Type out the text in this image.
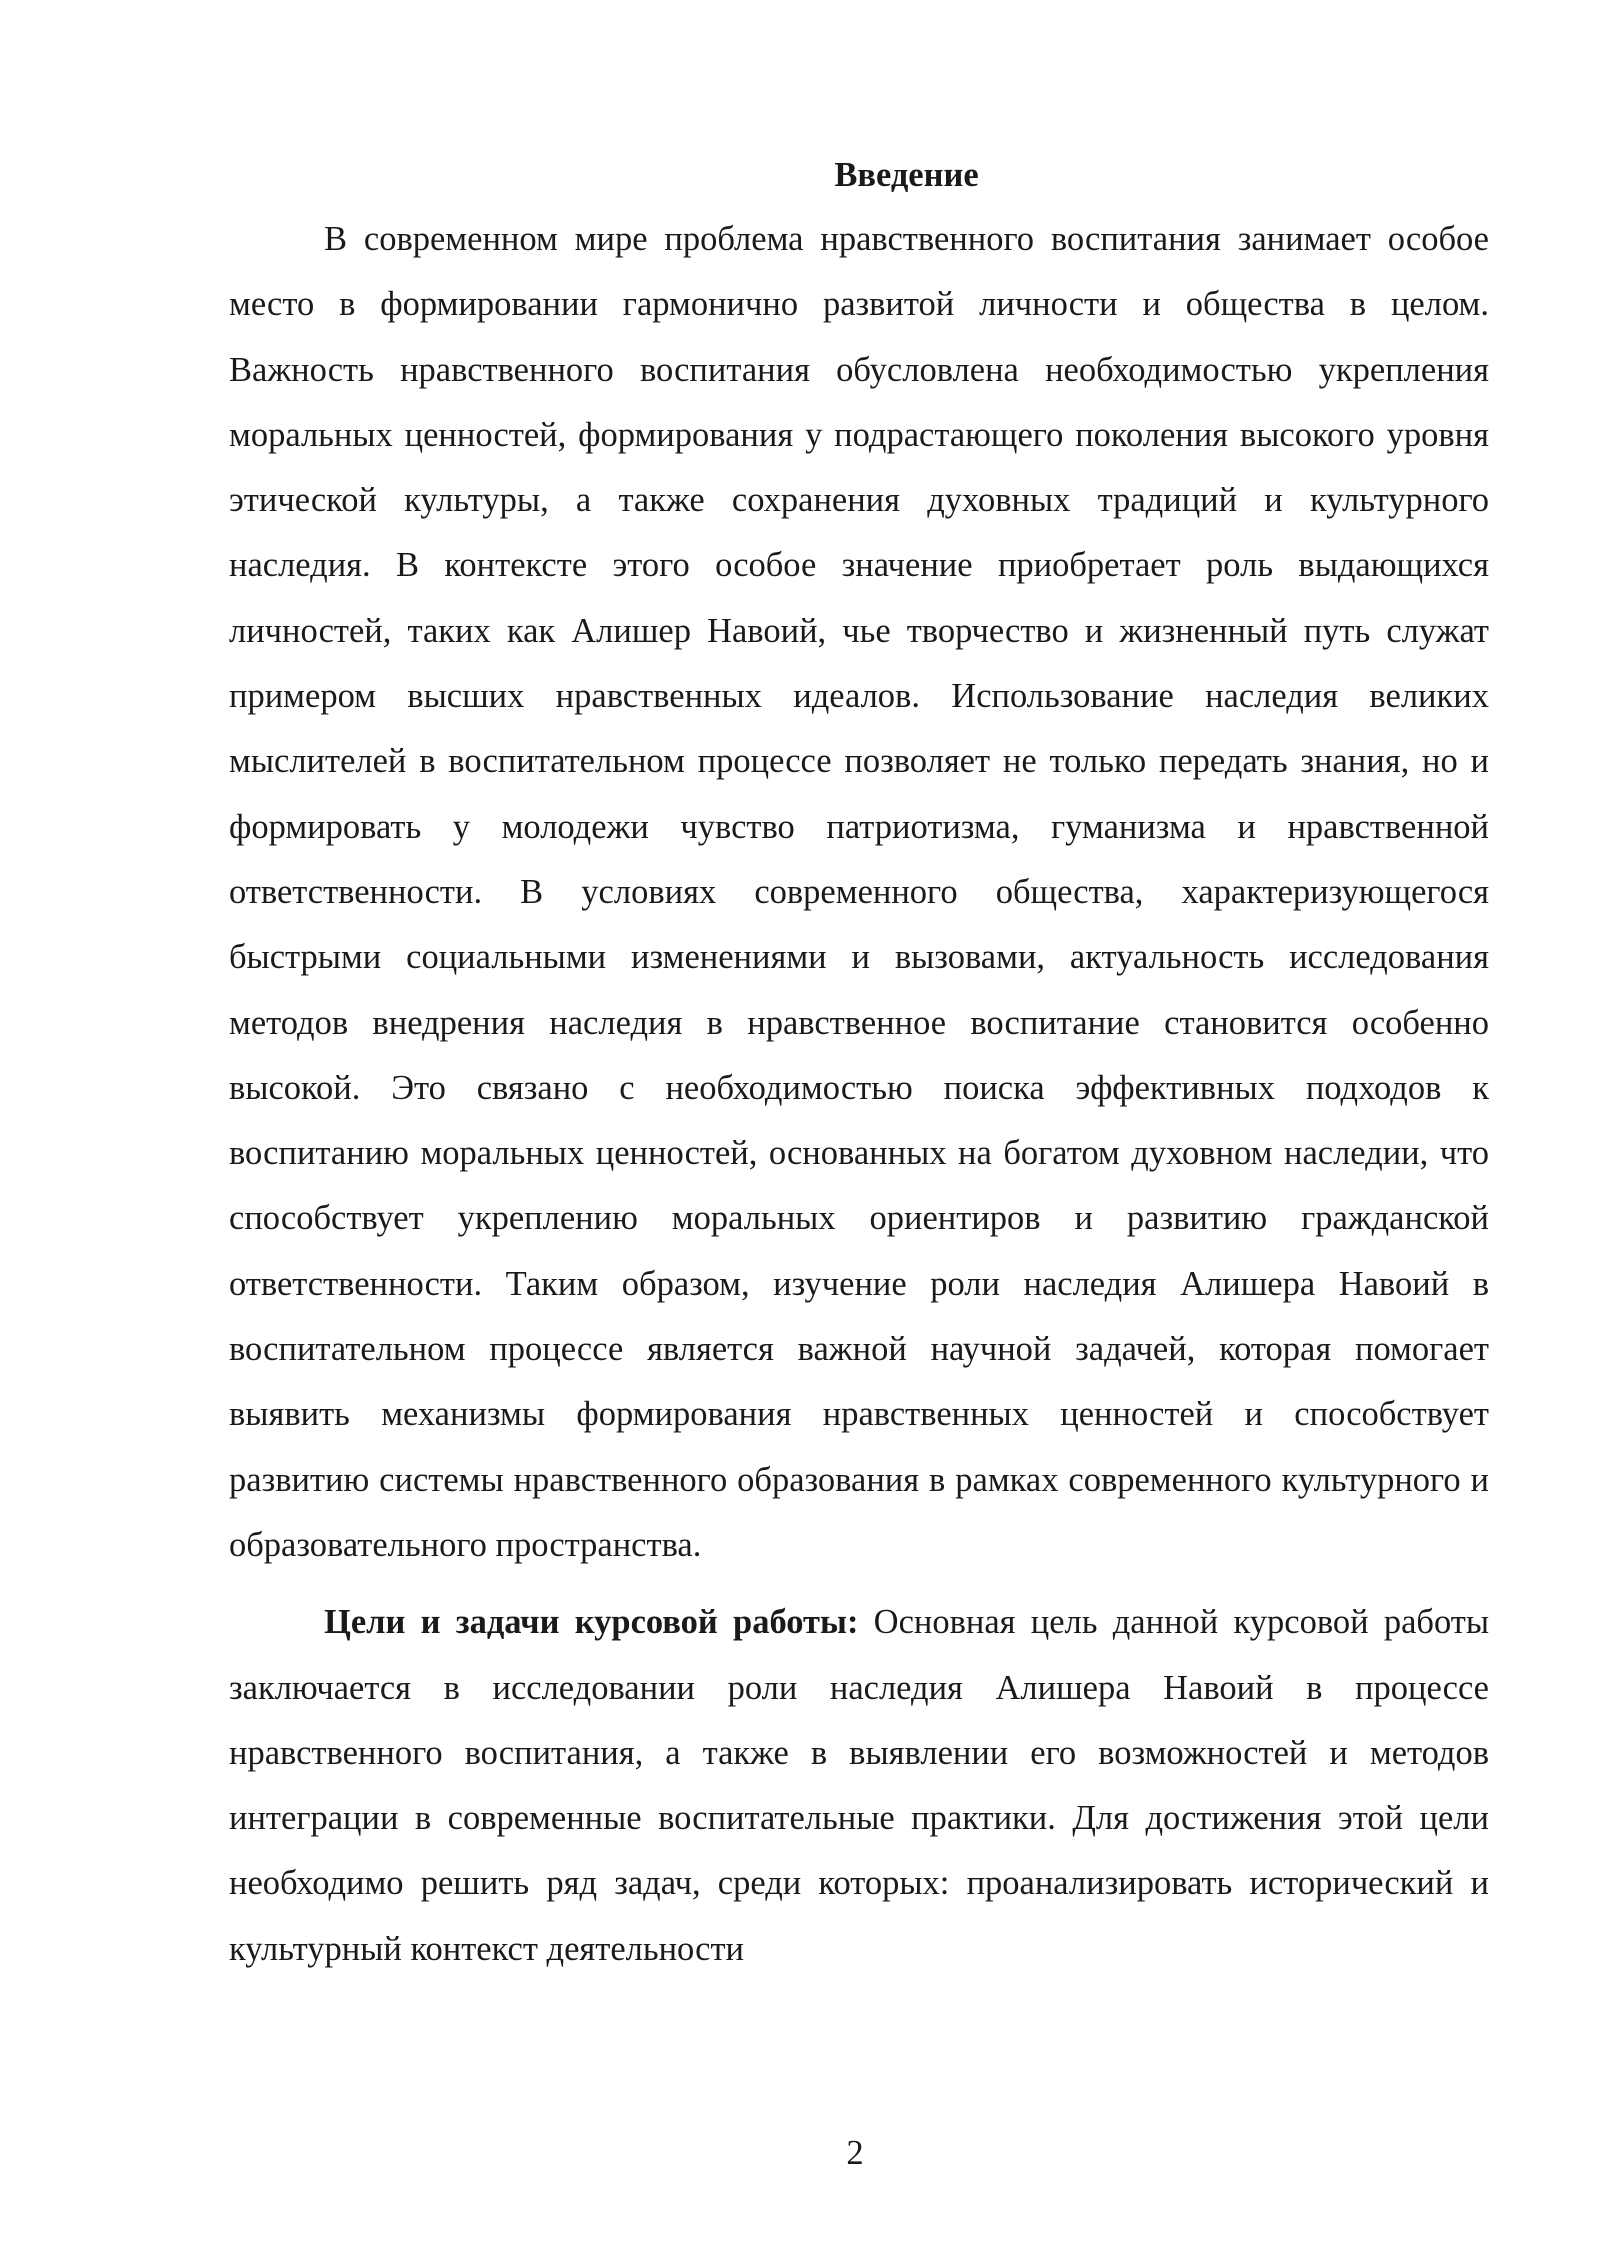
Введение

В современном мире проблема нравственного воспитания занимает особое место в формировании гармонично развитой личности и общества в целом. Важность нравственного воспитания обусловлена необходимостью укрепления моральных ценностей, формирования у подрастающего поколения высокого уровня этической культуры, а также сохранения духовных традиций и культурного наследия. В контексте этого особое значение приобретает роль выдающихся личностей, таких как Алишер Навоий, чье творчество и жизненный путь служат примером высших нравственных идеалов. Использование наследия великих мыслителей в воспитательном процессе позволяет не только передать знания, но и формировать у молодежи чувство патриотизма, гуманизма и нравственной ответственности. В условиях современного общества, характеризующегося быстрыми социальными изменениями и вызовами, актуальность исследования методов внедрения наследия в нравственное воспитание становится особенно высокой. Это связано с необходимостью поиска эффективных подходов к воспитанию моральных ценностей, основанных на богатом духовном наследии, что способствует укреплению моральных ориентиров и развитию гражданской ответственности. Таким образом, изучение роли наследия Алишера Навоий в воспитательном процессе является важной научной задачей, которая помогает выявить механизмы формирования нравственных ценностей и способствует развитию системы нравственного образования в рамках современного культурного и образовательного пространства.

Цели и задачи курсовой работы: Основная цель данной курсовой работы заключается в исследовании роли наследия Алишера Навоий в процессе нравственного воспитания, а также в выявлении его возможностей и методов интеграции в современные воспитательные практики. Для достижения этой цели необходимо решить ряд задач, среди которых: проанализировать исторический и культурный контекст деятельности

2
